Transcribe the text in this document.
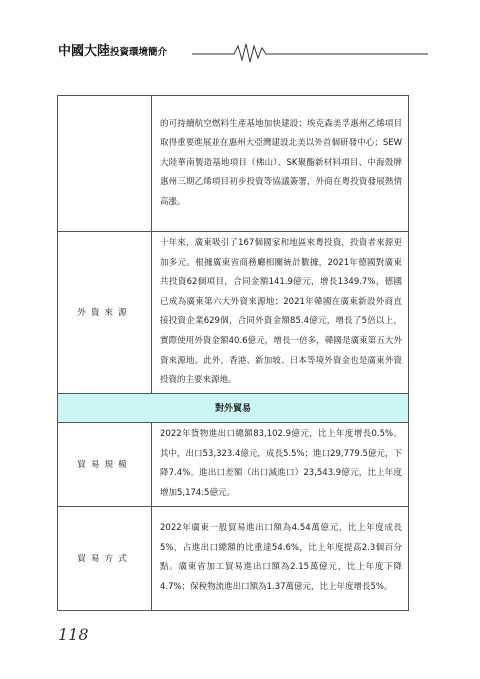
中國大陸投資環境簡介
	的可持續航空燃料生產基地加快建設；埃克森美孚惠州乙烯項目取得重要進展並在惠州大亞灣建設北美以外首個研發中心；SEW大陸華南製造基地項目（佛山）、SK聚酯新材料項目、中海殼牌惠州三期乙烯項目初步投資等協議簽署，外商在粵投資發展熱情高漲。
外資來源	十年來，廣東吸引了167個國家和地區來粵投資，投資者來源更加多元。根據廣東省商務廳相關統計數據，2021年德國對廣東共投資62個項目，合同金額141.9億元，增長1349.7%，德國已成為廣東第六大外資來源地；2021年韓國在廣東新設外商直接投資企業629個，合同外資金額85.4億元，增長了5倍以上，實際使用外資金額40.6億元，增長一倍多，韓國是廣東第五大外資來源地。此外，香港、新加坡、日本等境外資金也是廣東外資投資的主要來源地。
對外貿易	
貿易規模	2022年貨物進出口總額83,102.9億元，比上年度增長0.5%。其中，出口53,323.4億元，成長5.5%；進口29,779.5億元，下降7.4%。進出口差額（出口減進口）23,543.9億元，比上年度增加5,174.5億元。
貿易方式	2022年廣東一般貿易進出口額為4.54萬億元，比上年度成長5%，占進出口總額的比重達54.6%，比上年度提高2.3個百分點。廣東省加工貿易進出口額為2.15萬億元，比上年度下降4.7%；保稅物流進出口額為1.37萬億元，比上年度增長5%。
118
